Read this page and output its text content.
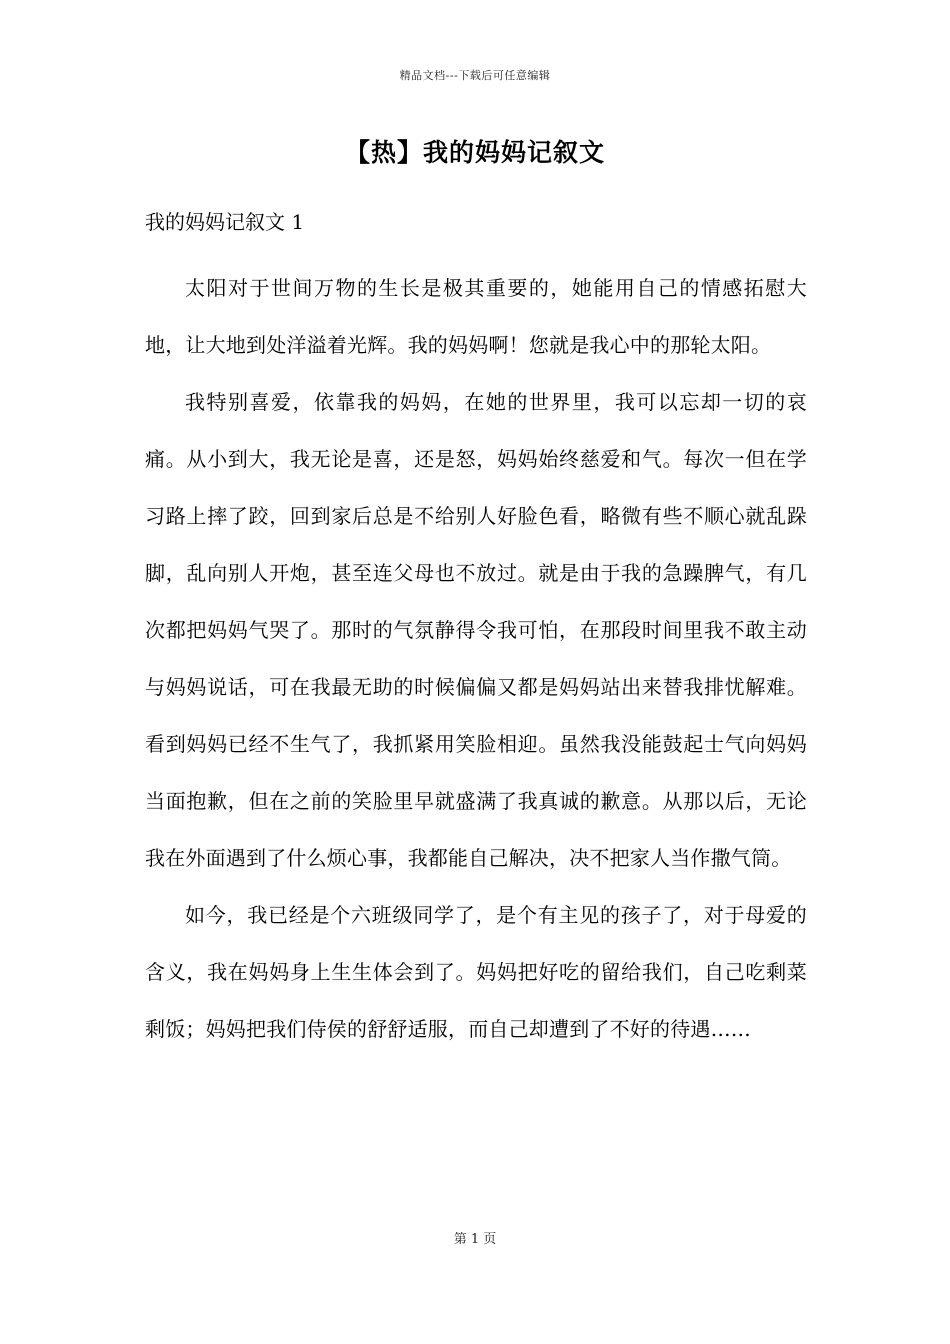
精品文档---下载后可任意编辑
【热】我的妈妈记叙文
我的妈妈记叙文 1

太阳对于世间万物的生长是极其重要的，她能用自己的情感拓慰大地，让大地到处洋溢着光辉。我的妈妈啊！您就是我心中的那轮太阳。

我特别喜爱，依靠我的妈妈，在她的世界里，我可以忘却一切的哀痛。从小到大，我无论是喜，还是怒，妈妈始终慈爱和气。每次一但在学习路上摔了跤，回到家后总是不给别人好脸色看，略微有些不顺心就乱跺脚，乱向别人开炮，甚至连父母也不放过。就是由于我的急躁脾气，有几次都把妈妈气哭了。那时的气氛静得令我可怕，在那段时间里我不敢主动与妈妈说话，可在我最无助的时候偏偏又都是妈妈站出来替我排忧解难。看到妈妈已经不生气了，我抓紧用笑脸相迎。虽然我没能鼓起士气向妈妈当面抱歉，但在之前的笑脸里早就盛满了我真诚的歉意。从那以后，无论我在外面遇到了什么烦心事，我都能自己解决，决不把家人当作撒气筒。

如今，我已经是个六班级同学了，是个有主见的孩子了，对于母爱的含义，我在妈妈身上生生体会到了。妈妈把好吃的留给我们，自己吃剩菜剩饭；妈妈把我们侍侯的舒舒适服，而自己却遭到了不好的待遇……

第 1 页
